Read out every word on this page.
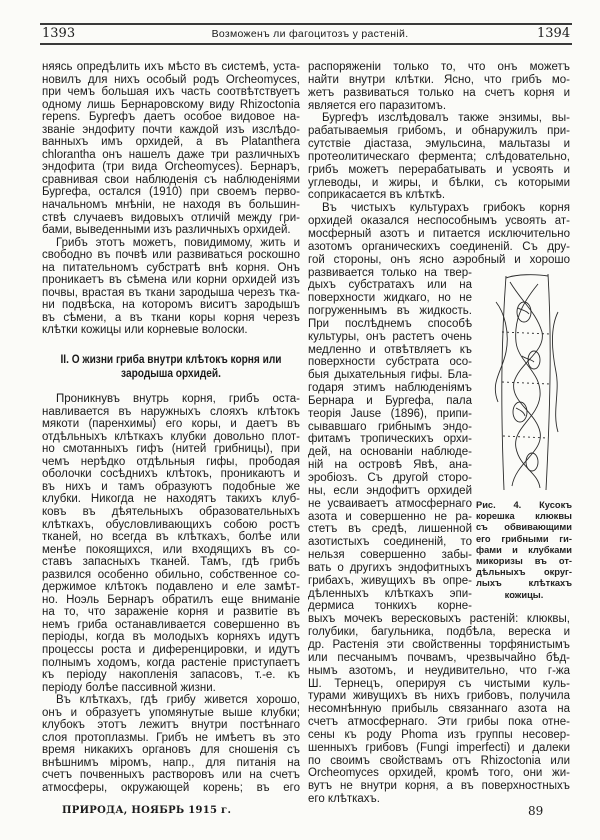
1393	Возможенъ ли фагоцитозъ у растеній.	1394
няясь опредѣлить ихъ мѣсто въ системѣ, уста-
новилъ для нихъ особый родъ Orcheomyces,
при чемъ большая ихъ часть соотвѣтствуетъ
одному лишь Бернаровскому виду Rhizoctonia
repens. Бургефъ даетъ особое видовое на-
званіе эндофиту почти каждой изъ изслѣдо-
ванныхъ имъ орхидей, а въ Platanthera
chlorantha онъ нашелъ даже три различныхъ
эндофита (три вида Orcheomyces). Бернаръ,
сравнивая свои наблюденія съ наблюденіями
Бургефа, остался (1910) при своемъ перво-
начальномъ мнѣніи, не находя въ большин-
ствѣ случаевъ видовыхъ отличій между гри-
бами, выведенными изъ различныхъ орхидей.
Грибъ этотъ можетъ, повидимому, жить и
свободно въ почвѣ или развиваться роскошно
на питательномъ субстратѣ внѣ корня. Онъ
проникаетъ въ сѣмена или корни орхидей изъ
почвы, врастая въ ткани зародыша черезъ тка-
ни подвѣска, на которомъ виситъ зародышъ
въ сѣмени, а въ ткани коры корня черезъ
клѣтки кожицы или корневые волоски.
II. О жизни гриба внутри клѣтокъ корня или
зародыша орхидей.
Проникнувъ внутрь корня, грибъ оста-
навливается въ наружныхъ слояхъ клѣтокъ
мякоти (паренхимы) его коры, и даетъ въ
отдѣльныхъ клѣткахъ клубки довольно плот-
но смотанныхъ гифъ (нитей грибницы), при
чемъ нерѣдко отдѣльныя гифы, прободая
оболочки сосѣднихъ клѣтокъ, проникаютъ и
въ нихъ и тамъ образуютъ подобные же
клубки. Никогда не находятъ такихъ клуб-
ковъ въ дѣятельныхъ образовательныхъ
клѣткахъ, обусловливающихъ собою ростъ
тканей, но всегда въ клѣткахъ, болѣе или
менѣе покоящихся, или входящихъ въ со-
ставъ запасныхъ тканей. Тамъ, гдѣ грибъ
развился особенно обильно, собственное со-
держимое клѣтокъ подавлено и еле замѣт-
но. Ноэль Бернаръ обратилъ еще вниманіе
на то, что зараженіе корня и развитіе въ
немъ гриба останавливается совершенно въ
періоды, когда въ молодыхъ корняхъ идутъ
процессы роста и диференцировки, и идутъ
полнымъ ходомъ, когда растеніе приступаетъ
къ періоду накопленія запасовъ, т.-е. къ
періоду болѣе пассивной жизни.
Въ клѣткахъ, гдѣ грибу живется хорошо,
онъ и образуетъ упомянутые выше клубки;
клубокъ этотъ лежитъ внутри постѣннаго
слоя протоплазмы. Грибъ не имѣетъ въ это
время никакихъ органовъ для сношенія съ
внѣшнимъ міромъ, напр., для питанія на
счетъ почвенныхъ растворовъ или на счетъ
атмосферы, окружающей корень; въ его
распоряженіи только то, что онъ можетъ
найти внутри клѣтки. Ясно, что грибъ мо-
жетъ развиваться только на счетъ корня и
является его паразитомъ.
Бургефъ изслѣдовалъ также энзимы, вы-
рабатываемыя грибомъ, и обнаружилъ при-
сутствіе діастаза, эмульсина, мальтазы и
протеолитическаго фермента; слѣдовательно,
грибъ можетъ перерабатывать и усвоять и
углеводы, и жиры, и бѣлки, съ которыми
соприкасается въ клѣткѣ.
Въ чистыхъ культурахъ грибокъ корня
орхидей оказался неспособнымъ усвоять ат-
мосферный азотъ и питается исключительно
азотомъ органическихъ соединеній. Съ дру-
гой стороны, онъ ясно аэробный и хорошо
развивается только на твер-
дыхъ субстратахъ или на
поверхности жидкаго, но не
погруженнымъ въ жидкость.
При послѣднемъ способѣ
культуры, онъ растетъ очень
медленно и отвѣтвляетъ къ
поверхности субстрата осо-
быя дыхательныя гифы. Бла-
годаря этимъ наблюденіямъ
Бернара и Бургефа, пала
теорія Jause (1896), припи-
сывавшаго грибнымъ эндо-
фитамъ тропическихъ орхи-
дей, на основаніи наблюде-
ній на островѣ Явѣ, ана-
эробіозъ. Съ другой сторо-
ны, если эндофитъ орхидей
не усваиваетъ атмосфернаго
азота и совершенно не ра-
стетъ въ средѣ, лишенной
азотистыхъ соединеній, то
нельзя совершенно забы-
вать о другихъ эндофитныхъ
грибахъ, живущихъ въ опре-
дѣленныхъ клѣткахъ эпи-
дермиса тонкихъ корне-
выхъ мочекъ вересковыхъ растеній: клюквы,
голубики, багульника, подбѣла, вереска и
др. Растенія эти свойственны торфянистымъ
или песчанымъ почвамъ, чрезвычайно бѣд-
нымъ азотомъ, и неудивительно, что г-жа
Ш. Тернецъ, оперируя съ чистыми куль-
турами живущихъ въ нихъ грибовъ, получила
несомнѣнную прибыль связаннаго азота на
счетъ атмосфернаго. Эти грибы пока отне-
сены къ роду Phoma изъ группы несовер-
шенныхъ грибовъ (Fungi imperfecti) и далеки
по своимъ свойствамъ отъ Rhizoctonia или
Orcheomyces орхидей, кромѣ того, они жи-
вутъ не внутри корня, а въ поверхностныхъ
его клѣткахъ.
Рис. 4. Кусокъ
корешка клюквы
съ обвивающими
его грибными ги-
фами и клубками
микоризы въ от-
дѣльныхъ округ-
лыхъ клѣткахъ
кожицы.
ПРИРОДА, НОЯБРЬ 1915 г.	89
